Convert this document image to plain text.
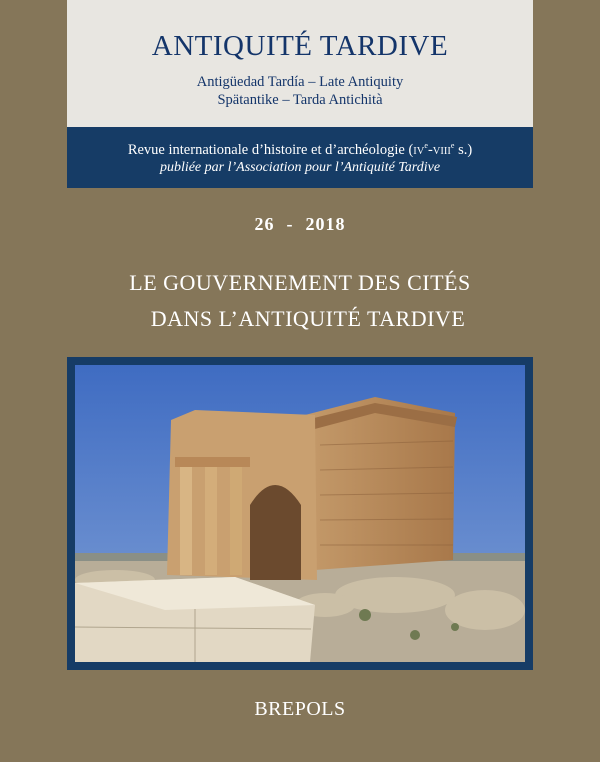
ANTIQUITÉ TARDIVE
Antigüedad Tardía – Late Antiquity
Spätantike – Tarda Antichità
Revue internationale d’histoire et d’archéologie (IVe-VIIIe s.)
publiée par l’Association pour l’Antiquité Tardive
26 - 2018
LE GOUVERNEMENT DES CITÉS
DANS L’ANTIQUITÉ TARDIVE
BREPOLS
